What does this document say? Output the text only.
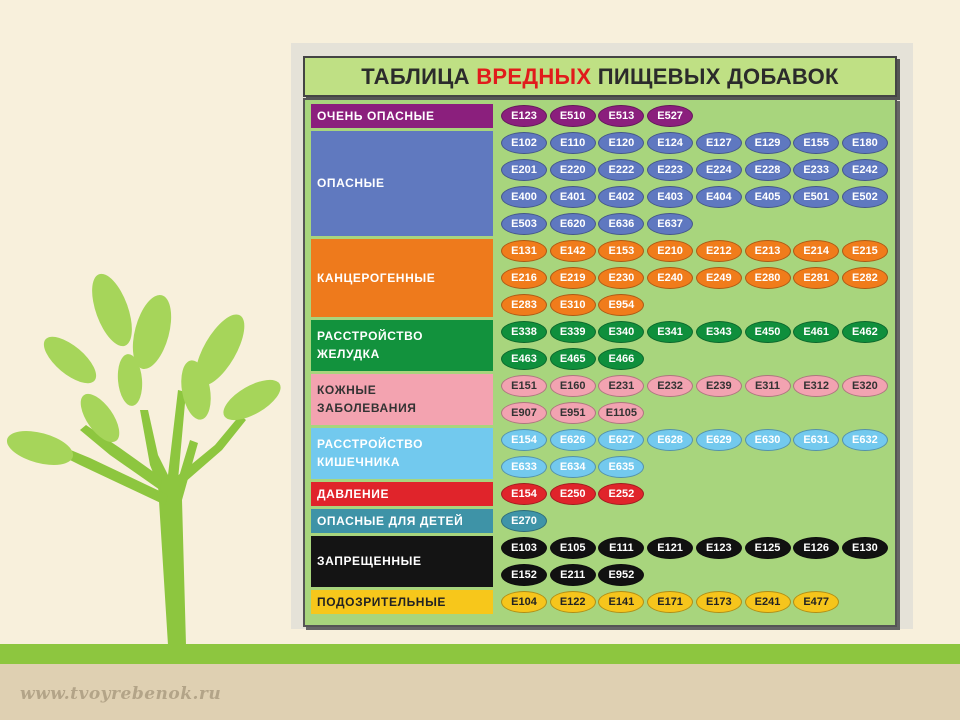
ТАБЛИЦА
ВРЕДНЫХ
ПИЩЕВЫХ ДОБАВОК
ОЧЕНЬ ОПАСНЫЕ	E123	E510	E513	E527
ОПАСНЫЕ
E102	E110	E120	E124	E127	E129	E155	E180
E201	E220	E222	E223	E224	E228	E233	E242
E400	E401	E402	E403	E404	E405	E501	E502
E503	E620	E636	E637
КАНЦЕРОГЕННЫЕ
E131	E142	E153	E210	E212	E213	E214	E215
E216	E219	E230	E240	E249	E280	E281	E282
E283	E310	E954
РАССТРОЙСТВО
ЖЕЛУДКА
E338	E339	E340	E341	E343	E450	E461	E462
E463	E465	E466
КОЖНЫЕ
ЗАБОЛЕВАНИЯ
E151	E160	E231	E232	E239	E311	E312	E320
E907	E951	E1105
РАССТРОЙСТВО
КИШЕЧНИКА
E154	E626	E627	E628	E629	E630	E631	E632
E633	E634	E635
ДАВЛЕНИЕ	E154	E250	E252
ОПАСНЫЕ ДЛЯ ДЕТЕЙ	E270
ЗАПРЕЩЕННЫЕ
E103	E105	E111	E121	E123	E125	E126	E130
E152	E211	E952
ПОДОЗРИТЕЛЬНЫЕ	E104	E122	E141	E171	E173	E241	E477
www.tvoyrebenok.ru
